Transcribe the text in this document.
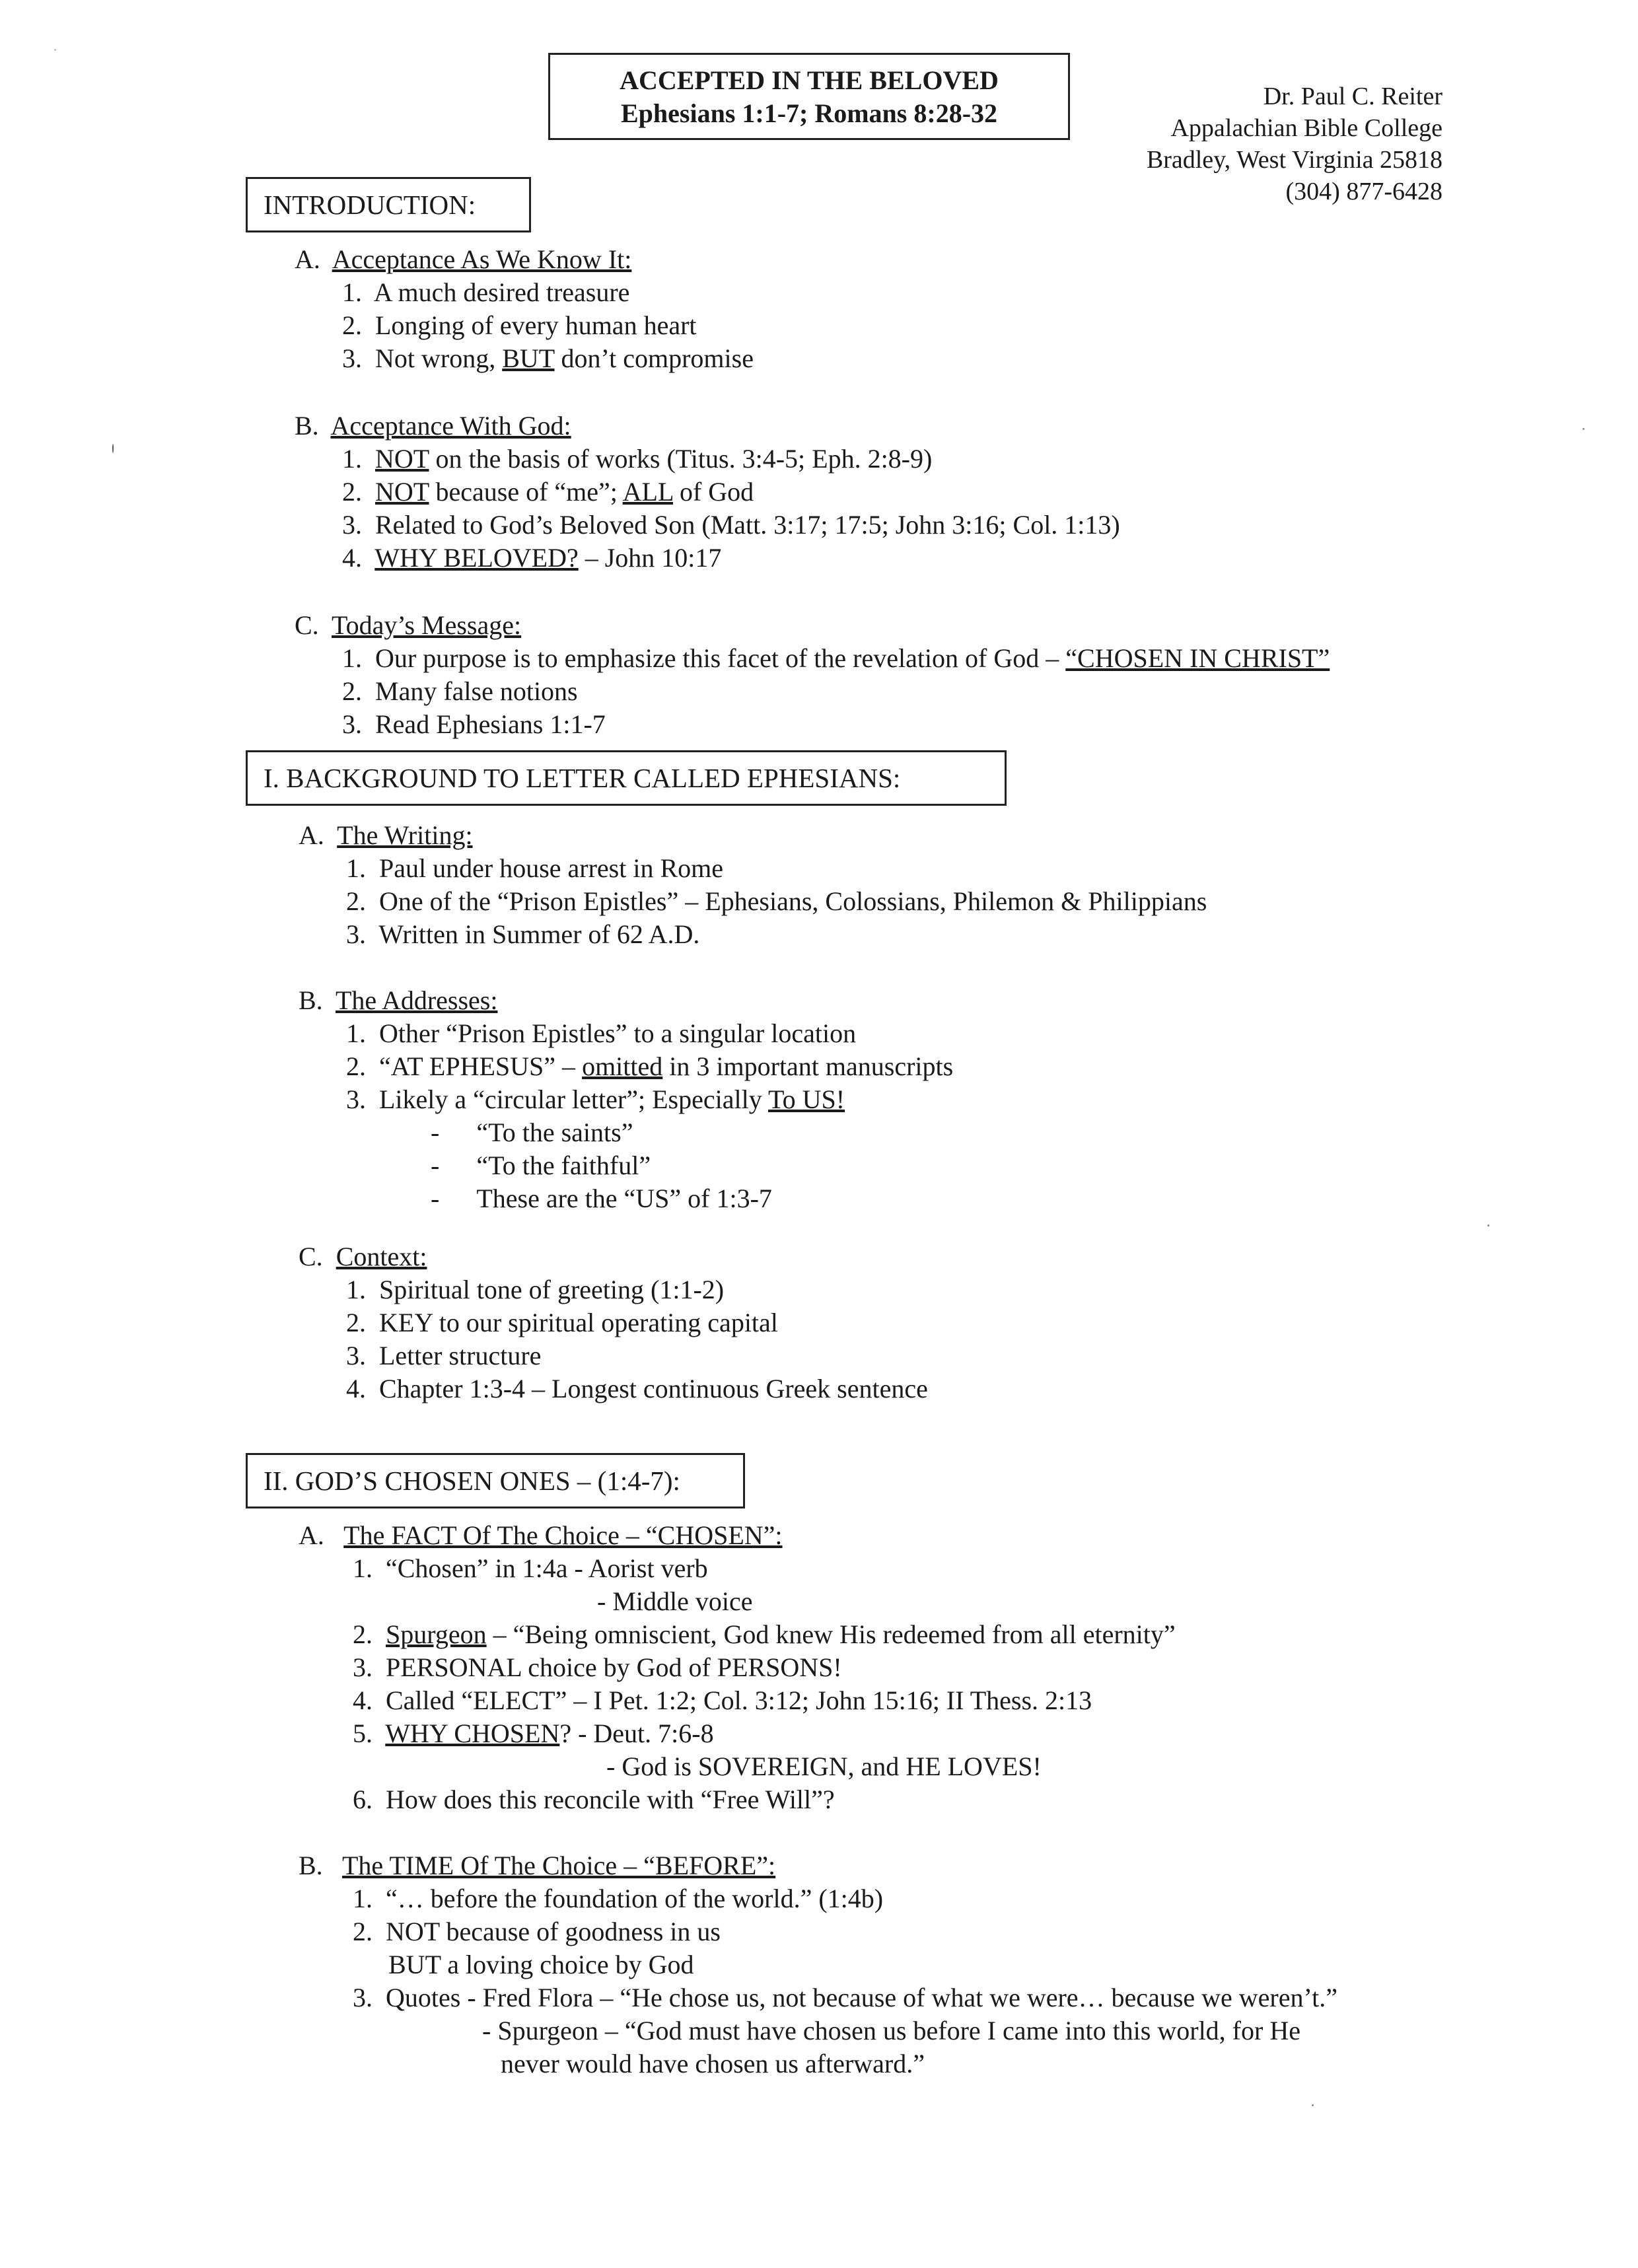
ACCEPTED IN THE BELOVED
Ephesians 1:1-7; Romans 8:28-32
Dr. Paul C. Reiter
Appalachian Bible College
Bradley, West Virginia 25818
(304) 877-6428
INTRODUCTION:
A. Acceptance As We Know It:
1. A much desired treasure
2. Longing of every human heart
3. Not wrong, BUT don’t compromise
B. Acceptance With God:
1. NOT on the basis of works (Titus. 3:4-5; Eph. 2:8-9)
2. NOT because of “me”; ALL of God
3. Related to God’s Beloved Son (Matt. 3:17; 17:5; John 3:16; Col. 1:13)
4. WHY BELOVED? – John 10:17
C. Today’s Message:
1. Our purpose is to emphasize this facet of the revelation of God – “CHOSEN IN CHRIST”
2. Many false notions
3. Read Ephesians 1:1-7
I. BACKGROUND TO LETTER CALLED EPHESIANS:
A. The Writing:
1. Paul under house arrest in Rome
2. One of the “Prison Epistles” – Ephesians, Colossians, Philemon & Philippians
3. Written in Summer of 62 A.D.
B. The Addresses:
1. Other “Prison Epistles” to a singular location
2. “AT EPHESUS” – omitted in 3 important manuscripts
3. Likely a “circular letter”; Especially To US!
- “To the saints”
- “To the faithful”
- These are the “US” of 1:3-7
C. Context:
1. Spiritual tone of greeting (1:1-2)
2. KEY to our spiritual operating capital
3. Letter structure
4. Chapter 1:3-4 – Longest continuous Greek sentence
II. GOD’S CHOSEN ONES – (1:4-7):
A. The FACT Of The Choice – “CHOSEN”:
1. “Chosen” in 1:4a - Aorist verb
- Middle voice
2. Spurgeon – “Being omniscient, God knew His redeemed from all eternity”
3. PERSONAL choice by God of PERSONS!
4. Called “ELECT” – I Pet. 1:2; Col. 3:12; John 15:16; II Thess. 2:13
5. WHY CHOSEN? - Deut. 7:6-8
- God is SOVEREIGN, and HE LOVES!
6. How does this reconcile with “Free Will”?
B. The TIME Of The Choice – “BEFORE”:
1. “… before the foundation of the world.” (1:4b)
2. NOT because of goodness in us
BUT a loving choice by God
3. Quotes - Fred Flora – “He chose us, not because of what we were… because we weren’t.”
- Spurgeon – “God must have chosen us before I came into this world, for He
never would have chosen us afterward.”
